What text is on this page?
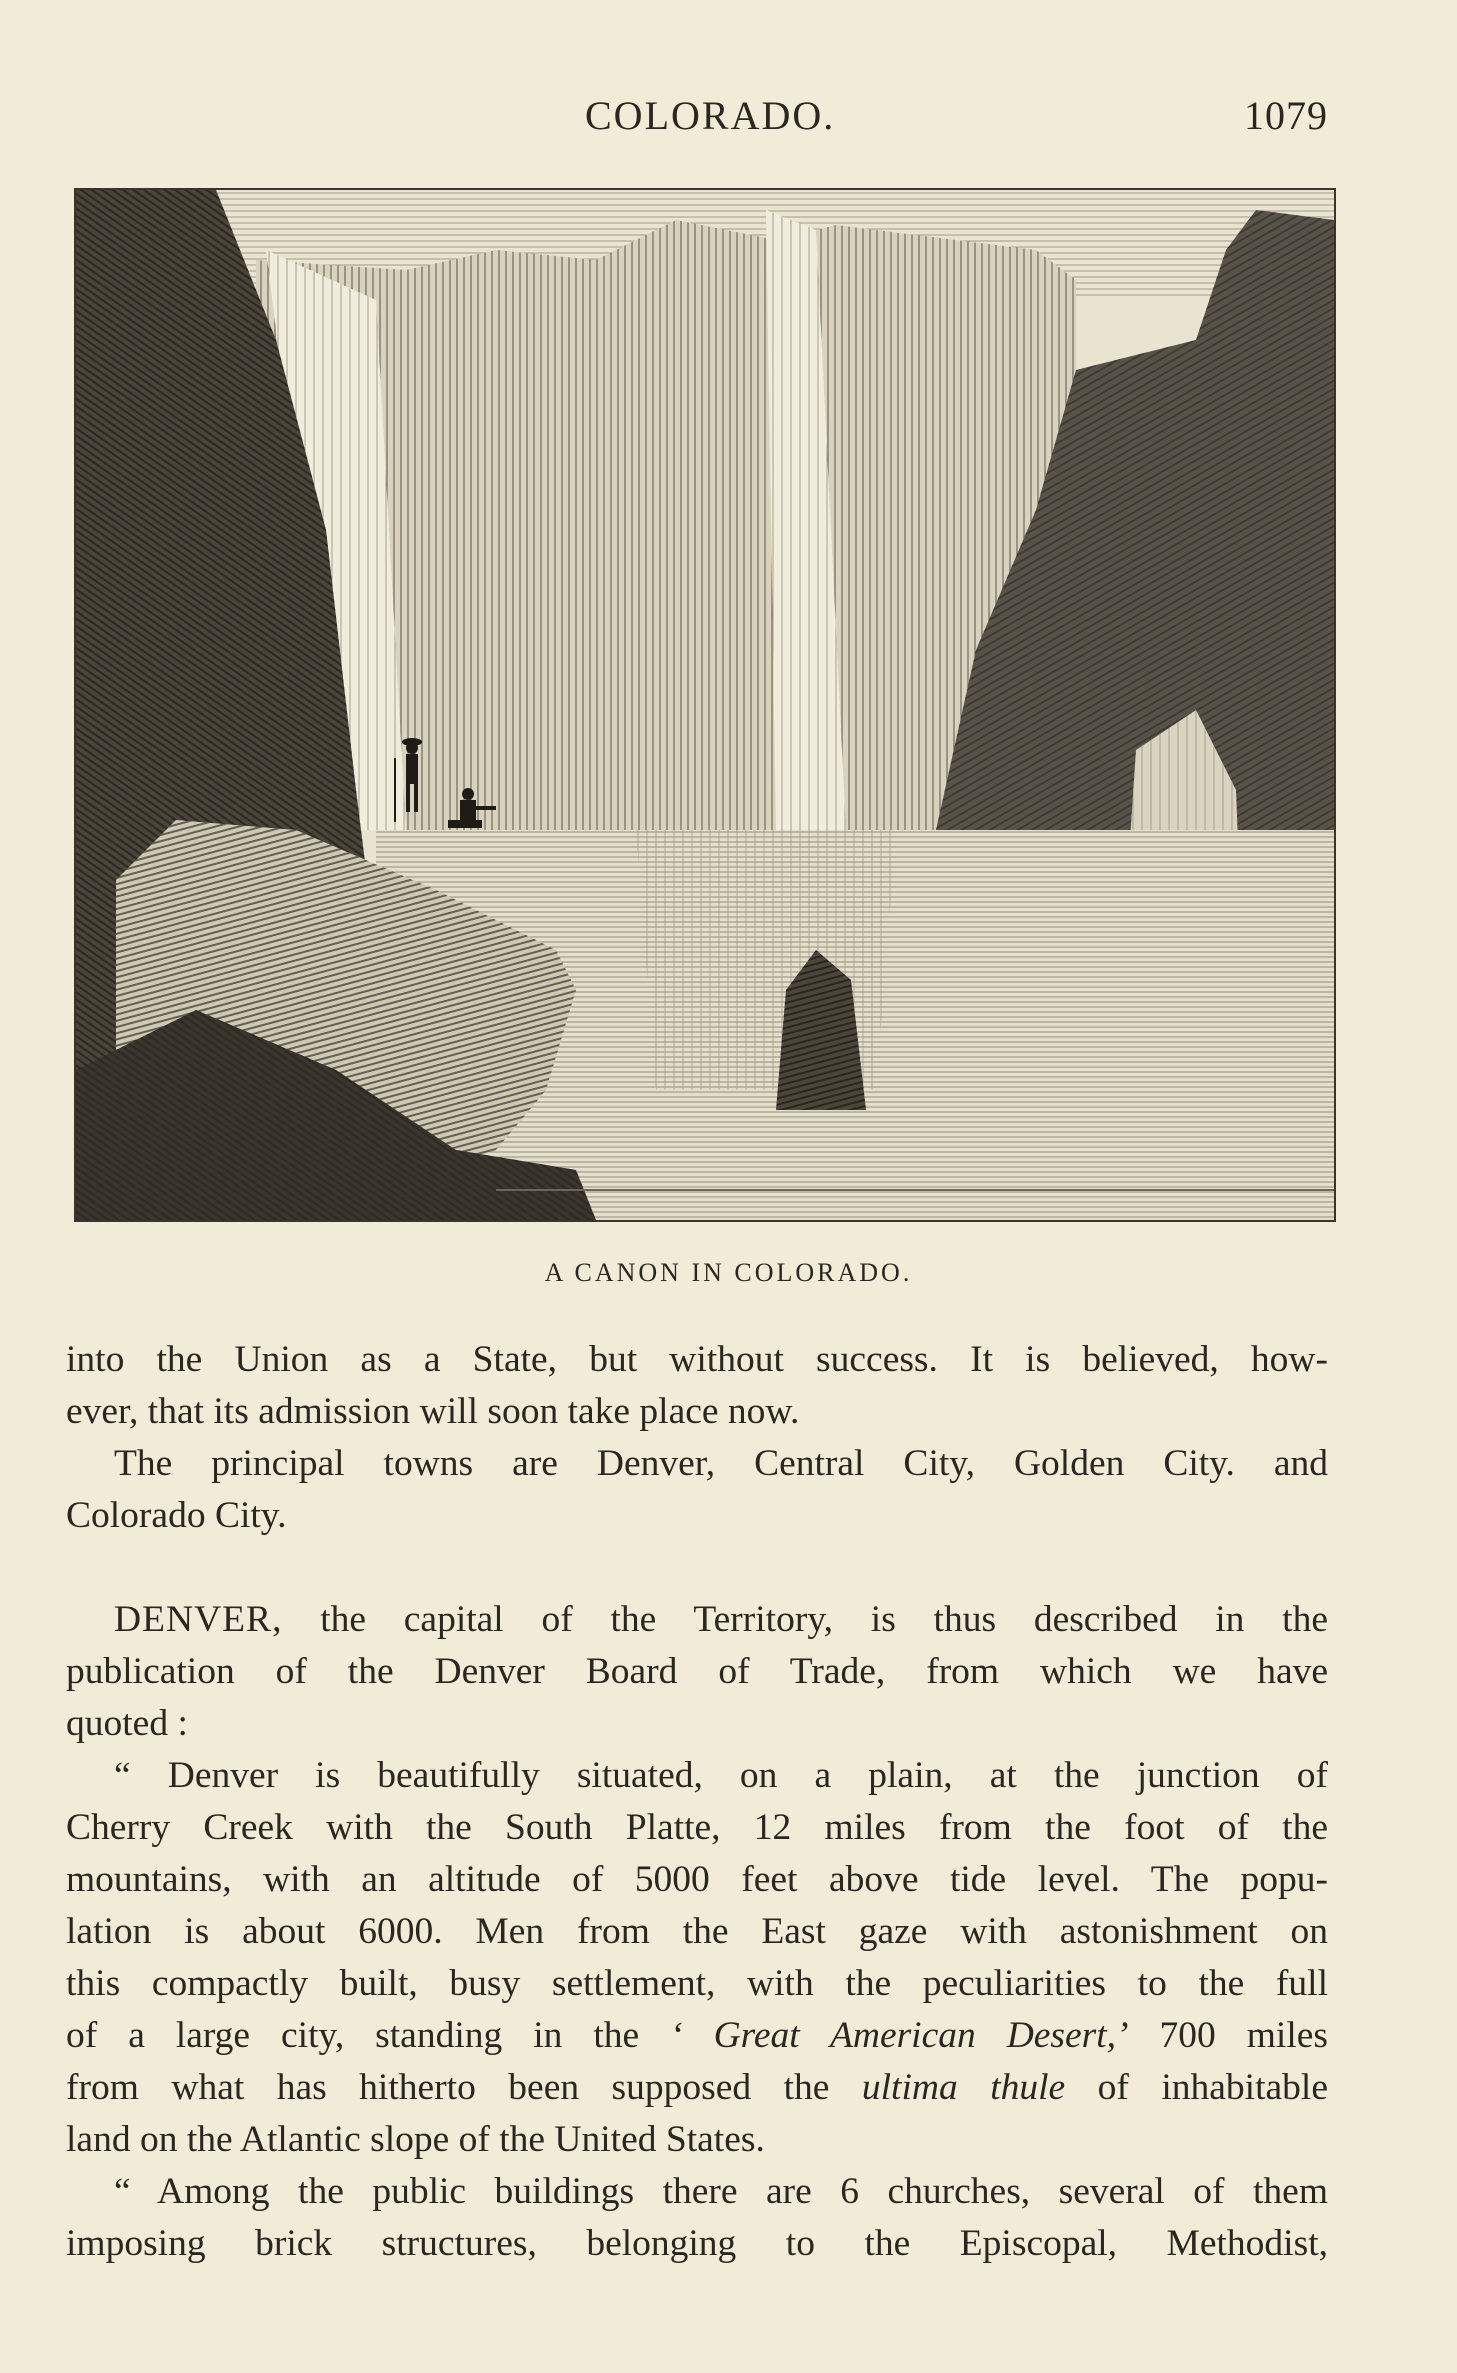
COLORADO.	1079
A CANON IN COLORADO.

into the Union as a State, but without success. It is believed, how-

ever, that its admission will soon take place now.

The principal towns are Denver, Central City, Golden City. and

Colorado City.

DENVER, the capital of the Territory, is thus described in the

publication of the Denver Board of Trade, from which we have

quoted :

“ Denver is beautifully situated, on a plain, at the junction of

Cherry Creek with the South Platte, 12 miles from the foot of the

mountains, with an altitude of 5000 feet above tide level. The popu-

lation is about 6000. Men from the East gaze with astonishment on

this compactly built, busy settlement, with the peculiarities to the full

of a large city, standing in the ‘ Great American Desert,’ 700 miles

from what has hitherto been supposed the ultima thule of inhabitable

land on the Atlantic slope of the United States.

“ Among the public buildings there are 6 churches, several of them

imposing brick structures, belonging to the Episcopal, Methodist,
